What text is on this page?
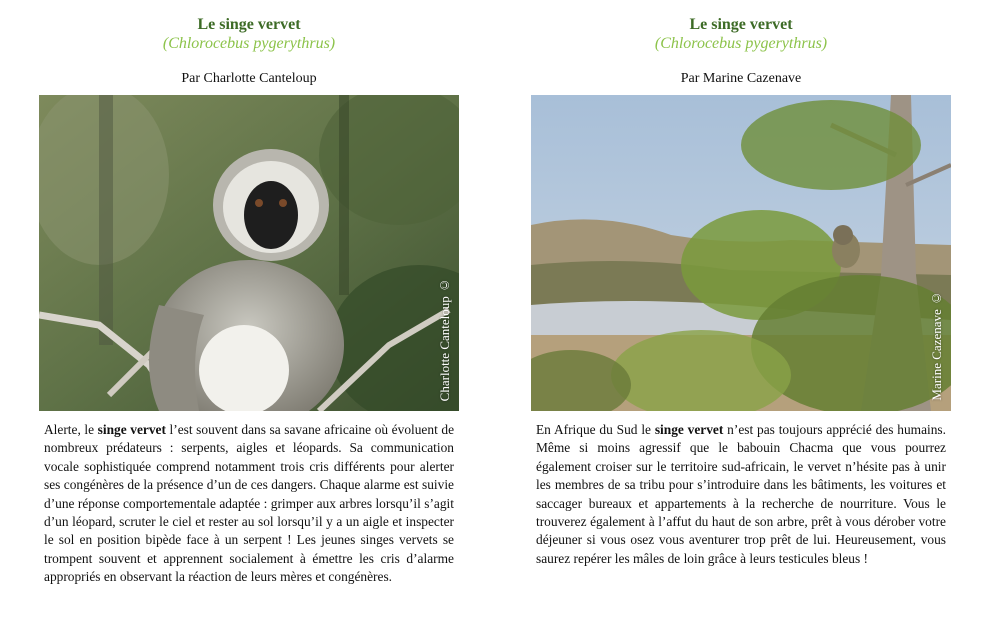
Le singe vervet
(Chlorocebus pygerythrus)
Par Charlotte Canteloup
Charlotte Canteloup ©
Alerte, le singe vervet l’est souvent dans sa savane africaine où évoluent de nombreux prédateurs : serpents, aigles et léopards. Sa communication vocale sophistiquée comprend notamment trois cris différents pour alerter ses congénères de la présence d’un de ces dangers. Chaque alarme est suivie d’une réponse comportementale adaptée : grimper aux arbres lorsqu’il s’agit d’un léopard, scruter le ciel et rester au sol lorsqu’il y a un aigle et inspecter le sol en position bipède face à un serpent ! Les jeunes singes vervets se trompent souvent et apprennent socialement à émettre les cris d’alarme appropriés en observant la réaction de leurs mères et congénères.
Le singe vervet
(Chlorocebus pygerythrus)
Par Marine Cazenave
Marine Cazenave ©
En Afrique du Sud le singe vervet n’est pas toujours apprécié des humains. Même si moins agressif que le babouin Chacma que vous pourrez également croiser sur le territoire sud-africain, le vervet n’hésite pas à unir les membres de sa tribu pour s’introduire dans les bâtiments, les voitures et saccager bureaux et appartements à la recherche de nourriture. Vous le trouverez également à l’affut du haut de son arbre, prêt à vous dérober votre déjeuner si vous osez vous aventurer trop prêt de lui. Heureusement, vous saurez repérer les mâles de loin grâce à leurs testicules bleus !
